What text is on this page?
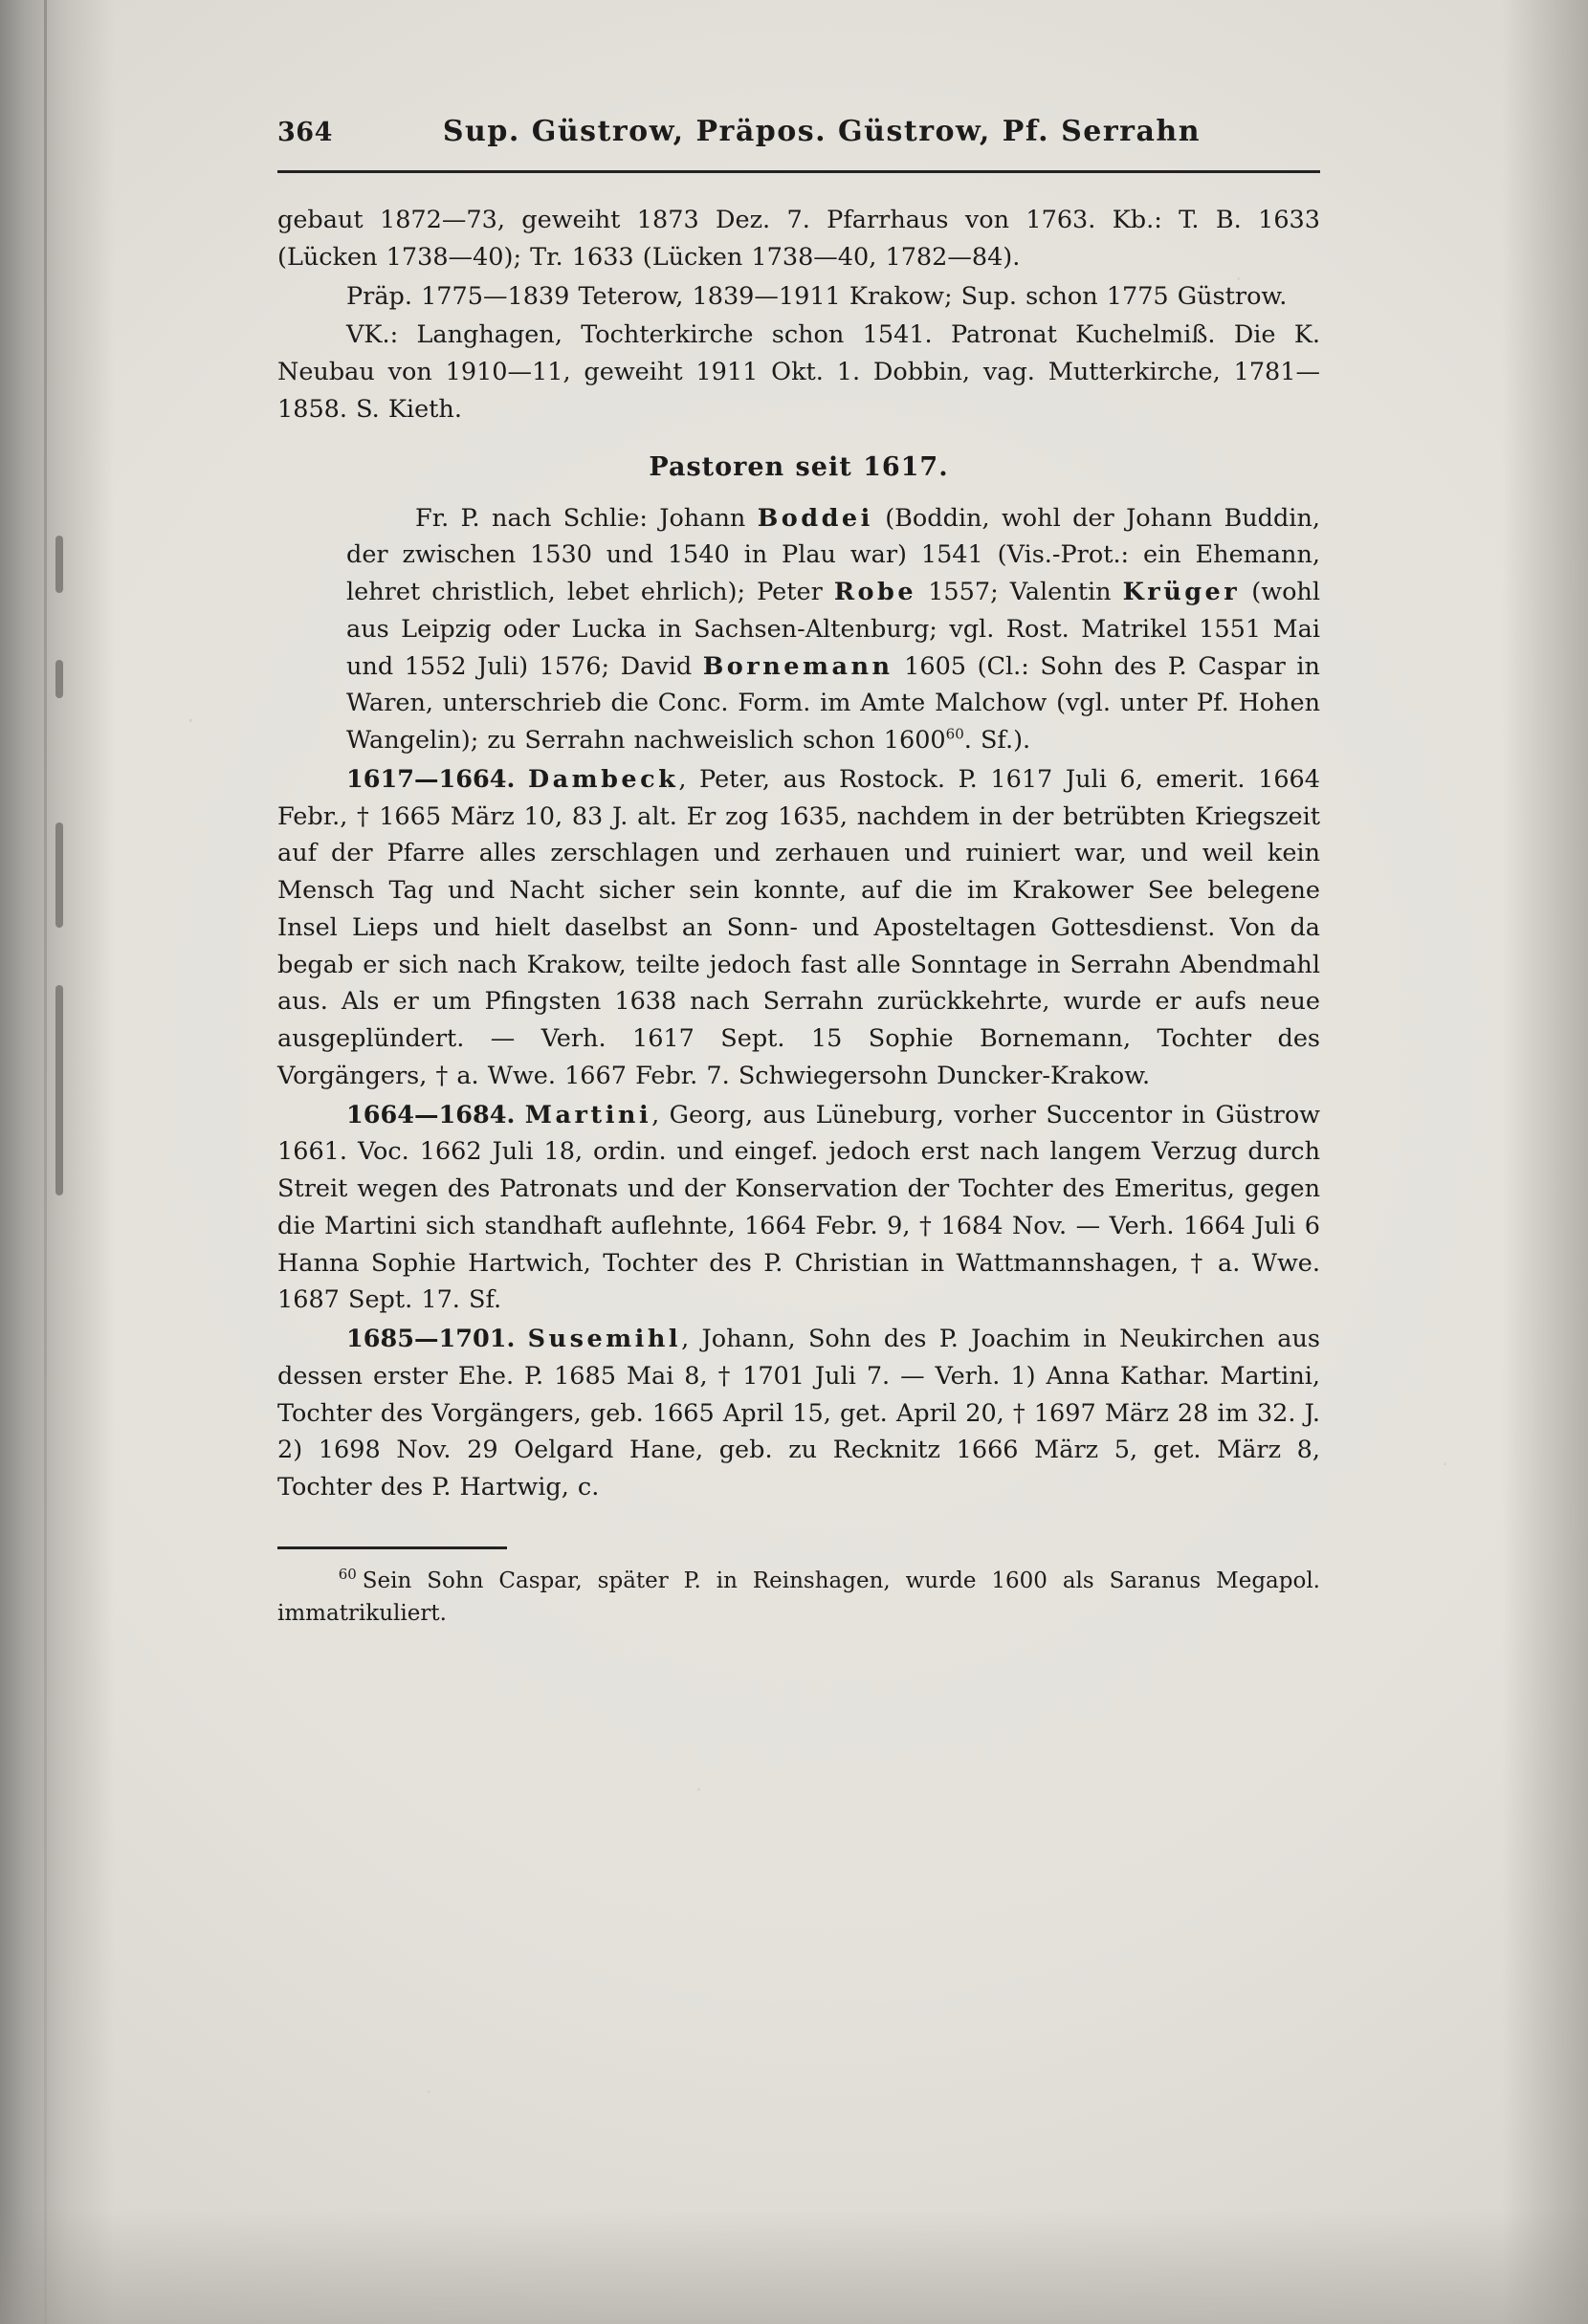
364	Sup. Güstrow, Präpos. Güstrow, Pf. Serrahn

gebaut 1872—73, geweiht 1873 Dez. 7. Pfarrhaus von 1763. Kb.: T. B. 1633 (Lücken 1738—40); Tr. 1633 (Lücken 1738—40, 1782—84).

Präp. 1775—1839 Teterow, 1839—1911 Krakow; Sup. schon 1775 Güstrow.

VK.: Langhagen, Tochterkirche schon 1541. Patronat Kuchelmiß. Die K. Neubau von 1910—11, geweiht 1911 Okt. 1. Dobbin, vag. Mutterkirche, 1781—1858. S. Kieth.

Pastoren seit 1617.

Fr. P. nach Schlie: Johann Boddei (Boddin, wohl der Johann Buddin, der zwischen 1530 und 1540 in Plau war) 1541 (Vis.-Prot.: ein Ehemann, lehret christlich, lebet ehrlich); Peter Robe 1557; Valentin Krüger (wohl aus Leipzig oder Lucka in Sachsen-Altenburg; vgl. Rost. Matrikel 1551 Mai und 1552 Juli) 1576; David Bornemann 1605 (Cl.: Sohn des P. Caspar in Waren, unterschrieb die Conc. Form. im Amte Malchow (vgl. unter Pf. Hohen Wangelin); zu Serrahn nachweislich schon 1600$^{60}$. Sf.).

1617—1664. Dambeck, Peter, aus Rostock. P. 1617 Juli 6, emerit. 1664 Febr., † 1665 März 10, 83 J. alt. Er zog 1635, nachdem in der betrübten Kriegszeit auf der Pfarre alles zerschlagen und zerhauen und ruiniert war, und weil kein Mensch Tag und Nacht sicher sein konnte, auf die im Krakower See belegene Insel Lieps und hielt daselbst an Sonn- und Aposteltagen Gottesdienst. Von da begab er sich nach Krakow, teilte jedoch fast alle Sonntage in Serrahn Abendmahl aus. Als er um Pfingsten 1638 nach Serrahn zurückkehrte, wurde er aufs neue ausgeplündert. — Verh. 1617 Sept. 15 Sophie Bornemann, Tochter des Vorgängers, † a. Wwe. 1667 Febr. 7. Schwiegersohn Duncker-Krakow.

1664—1684. Martini, Georg, aus Lüneburg, vorher Succentor in Güstrow 1661. Voc. 1662 Juli 18, ordin. und eingef. jedoch erst nach langem Verzug durch Streit wegen des Patronats und der Konservation der Tochter des Emeritus, gegen die Martini sich standhaft auflehnte, 1664 Febr. 9, † 1684 Nov. — Verh. 1664 Juli 6 Hanna Sophie Hartwich, Tochter des P. Christian in Wattmannshagen, † a. Wwe. 1687 Sept. 17. Sf.

1685—1701. Susemihl, Johann, Sohn des P. Joachim in Neukirchen aus dessen erster Ehe. P. 1685 Mai 8, † 1701 Juli 7. — Verh. 1) Anna Kathar. Martini, Tochter des Vorgängers, geb. 1665 April 15, get. April 20, † 1697 März 28 im 32. J. 2) 1698 Nov. 29 Oelgard Hane, geb. zu Recknitz 1666 März 5, get. März 8, Tochter des P. Hartwig, c.

$^{60}$ Sein Sohn Caspar, später P. in Reinshagen, wurde 1600 als Saranus Megapol. immatrikuliert.
